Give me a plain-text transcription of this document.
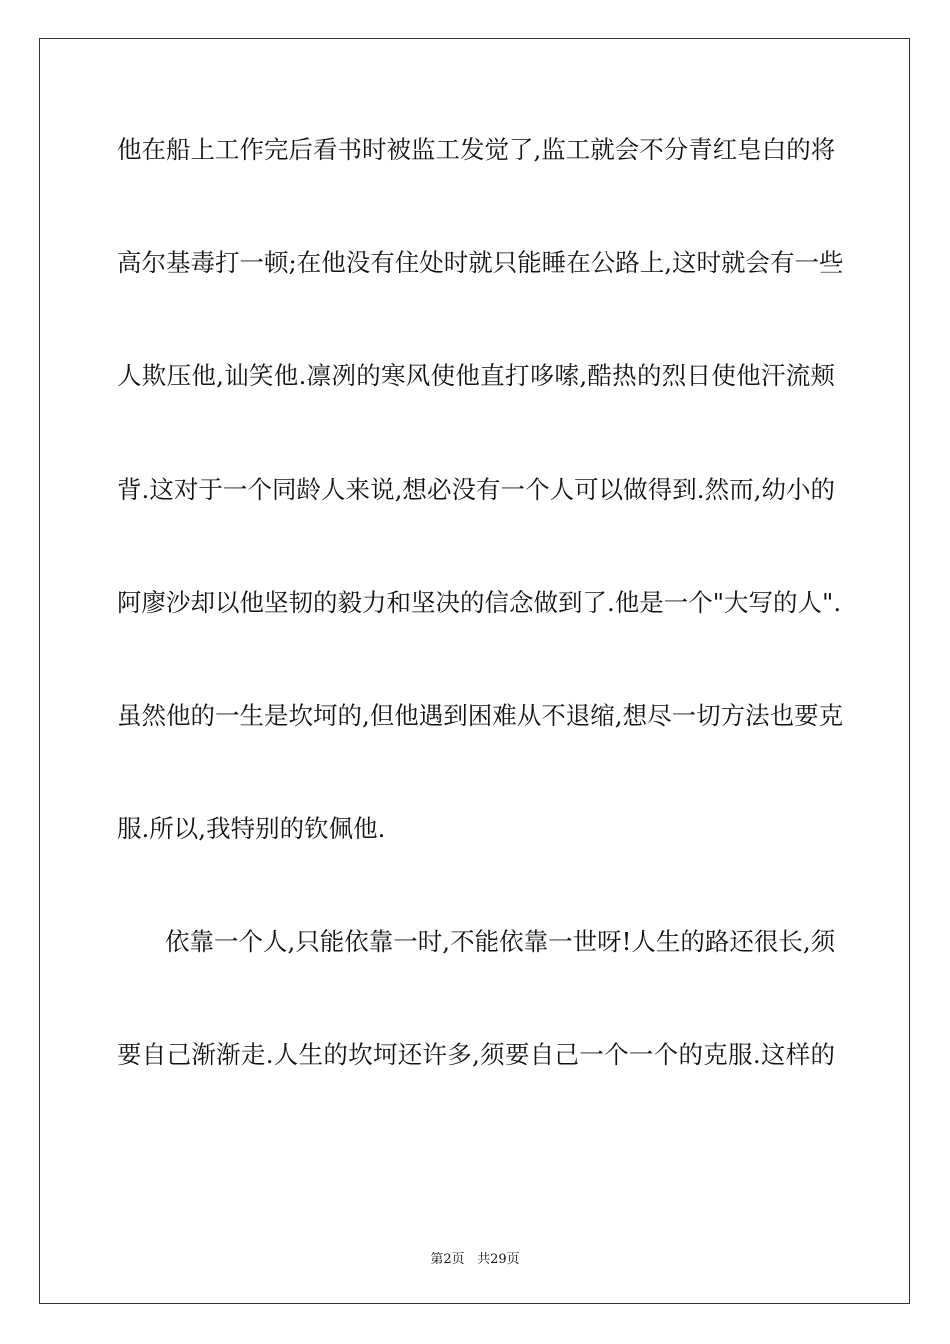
他在船上工作完后看书时被监工发觉了,监工就会不分青红皂白的将
高尔基毒打一顿;在他没有住处时就只能睡在公路上,这时就会有一些
人欺压他,讪笑他.凛冽的寒风使他直打哆嗦,酷热的烈日使他汗流颊
背.这对于一个同龄人来说,想必没有一个人可以做得到.然而,幼小的
阿廖沙却以他坚韧的毅力和坚决的信念做到了.他是一个"大写的人".
虽然他的一生是坎坷的,但他遇到困难从不退缩,想尽一切方法也要克
服.所以,我特别的钦佩他.
依靠一个人,只能依靠一时,不能依靠一世呀!人生的路还很长,须
要自己渐渐走.人生的坎坷还许多,须要自己一个一个的克服.这样的
第2页 共29页
